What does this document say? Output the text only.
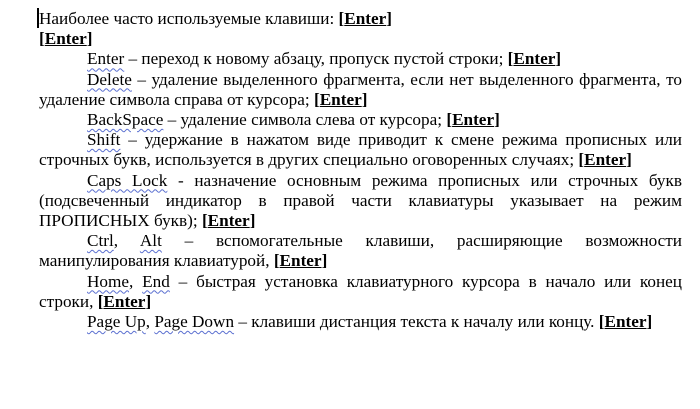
Наиболее часто используемые клавиши: [Enter]

[Enter]

Enter – переход к новому абзацу, пропуск пустой строки; [Enter]

Delete – удаление выделенного фрагмента, если нет выделенного фрагмента, то удаление символа справа от курсора; [Enter]

BackSpace – удаление символа слева от курсора; [Enter]

Shift – удержание в нажатом виде приводит к смене режима прописных или строчных букв, используется в других специально оговоренных случаях; [Enter]

Caps Lock - назначение основным режима прописных или строчных букв (подсвеченный индикатор в правой части клавиатуры указывает на режим ПРОПИСНЫХ букв); [Enter]

Ctrl, Alt – вспомогательные клавиши, расширяющие возможности манипулирования клавиатурой, [Enter]

Home, End – быстрая установка клавиатурного курсора в начало или конец строки, [Enter]

Page Up, Page Down – клавиши дистанция текста к началу или концу. [Enter]
